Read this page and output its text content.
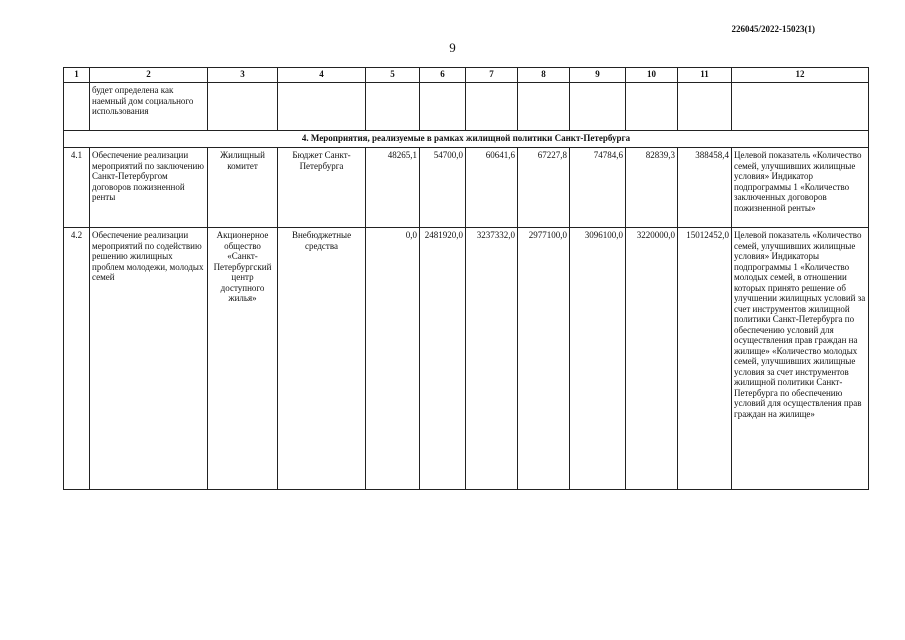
226045/2022-15023(1)
9
1	2	3	4	5	6	7	8	9	10	11	12
	будет определена как наемный дом социального использования										
4. Мероприятия, реализуемые в рамках жилищной политики Санкт-Петербурга											
4.1	Обеспечение реализации мероприятий по заключению Санкт-Петербургом договоров пожизненной ренты	Жилищный комитет	Бюджет Санкт-Петербурга	48265,1	54700,0	60641,6	67227,8	74784,6	82839,3	388458,4	Целевой показатель «Количество семей, улучшивших жилищные условия» Индикатор подпрограммы 1 «Количество заключенных договоров пожизненной ренты»
4.2	Обеспечение реализации мероприятий по содействию решению жилищных проблем молодежи, молодых семей	Акционерное общество «Санкт-Петербургский центр доступного жилья»	Внебюджетные средства	0,0	2481920,0	3237332,0	2977100,0	3096100,0	3220000,0	15012452,0	Целевой показатель «Количество семей, улучшивших жилищные условия» Индикаторы подпрограммы 1 «Количество молодых семей, в отношении которых принято решение об улучшении жилищных условий за счет инструментов жилищной политики Санкт-Петербурга по обеспечению условий для осуществления прав граждан на жилище» «Количество молодых семей, улучшивших жилищные условия за счет инструментов жилищной политики Санкт-Петербурга по обеспечению условий для осуществления прав граждан на жилище»
